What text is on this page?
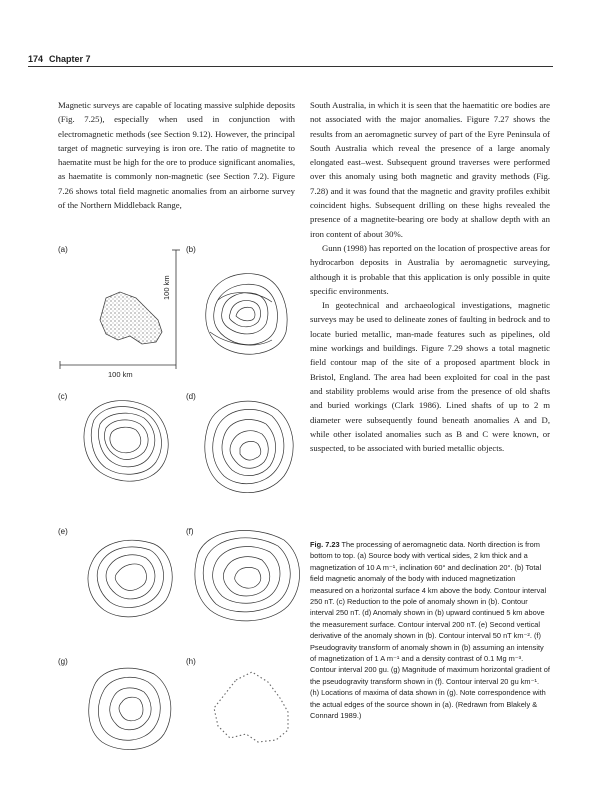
174 Chapter 7

Magnetic surveys are capable of locating massive sulphide deposits (Fig. 7.25), especially when used in conjunction with electromagnetic methods (see Section 9.12). However, the principal target of magnetic surveying is iron ore. The ratio of magnetite to haematite must be high for the ore to produce significant anomalies, as haematite is commonly non-magnetic (see Section 7.2). Figure 7.26 shows total field magnetic anomalies from an airborne survey of the Northern Middleback Range,

South Australia, in which it is seen that the haematitic ore bodies are not associated with the major anomalies. Figure 7.27 shows the results from an aeromagnetic survey of part of the Eyre Peninsula of South Australia which reveal the presence of a large anomaly elongated east–west. Subsequent ground traverses were performed over this anomaly using both magnetic and gravity methods (Fig. 7.28) and it was found that the magnetic and gravity profiles exhibit coincident highs. Subsequent drilling on these highs revealed the presence of a magnetite-bearing ore body at shallow depth with an iron content of about 30%.

Gunn (1998) has reported on the location of prospective areas for hydrocarbon deposits in Australia by aeromagnetic surveying, although it is probable that this application is only possible in quite specific environments.

In geotechnical and archaeological investigations, magnetic surveys may be used to delineate zones of faulting in bedrock and to locate buried metallic, man-made features such as pipelines, old mine workings and buildings. Figure 7.29 shows a total magnetic field contour map of the site of a proposed apartment block in Bristol, England. The area had been exploited for coal in the past and stability problems would arise from the presence of old shafts and buried workings (Clark 1986). Lined shafts of up to 2 m diameter were subsequently found beneath anomalies A and D, while other isolated anomalies such as B and C were known, or suspected, to be associated with buried metallic objects.

(a)	(b)
(c)	(d)
(e)	(f)
(g)	(h)
100 km
100 km
Fig. 7.23 The processing of aeromagnetic data. North direction is from bottom to top. (a) Source body with vertical sides, 2 km thick and a magnetization of 10 A m⁻¹, inclination 60° and declination 20°. (b) Total field magnetic anomaly of the body with induced magnetization measured on a horizontal surface 4 km above the body. Contour interval 250 nT. (c) Reduction to the pole of anomaly shown in (b). Contour interval 250 nT. (d) Anomaly shown in (b) upward continued 5 km above the measurement surface. Contour interval 200 nT. (e) Second vertical derivative of the anomaly shown in (b). Contour interval 50 nT km⁻². (f) Pseudogravity transform of anomaly shown in (b) assuming an intensity of magnetization of 1 A m⁻¹ and a density contrast of 0.1 Mg m⁻³. Contour interval 200 gu. (g) Magnitude of maximum horizontal gradient of the pseudogravity transform shown in (f). Contour interval 20 gu km⁻¹. (h) Locations of maxima of data shown in (g). Note correspondence with the actual edges of the source shown in (a). (Redrawn from Blakely & Connard 1989.)
